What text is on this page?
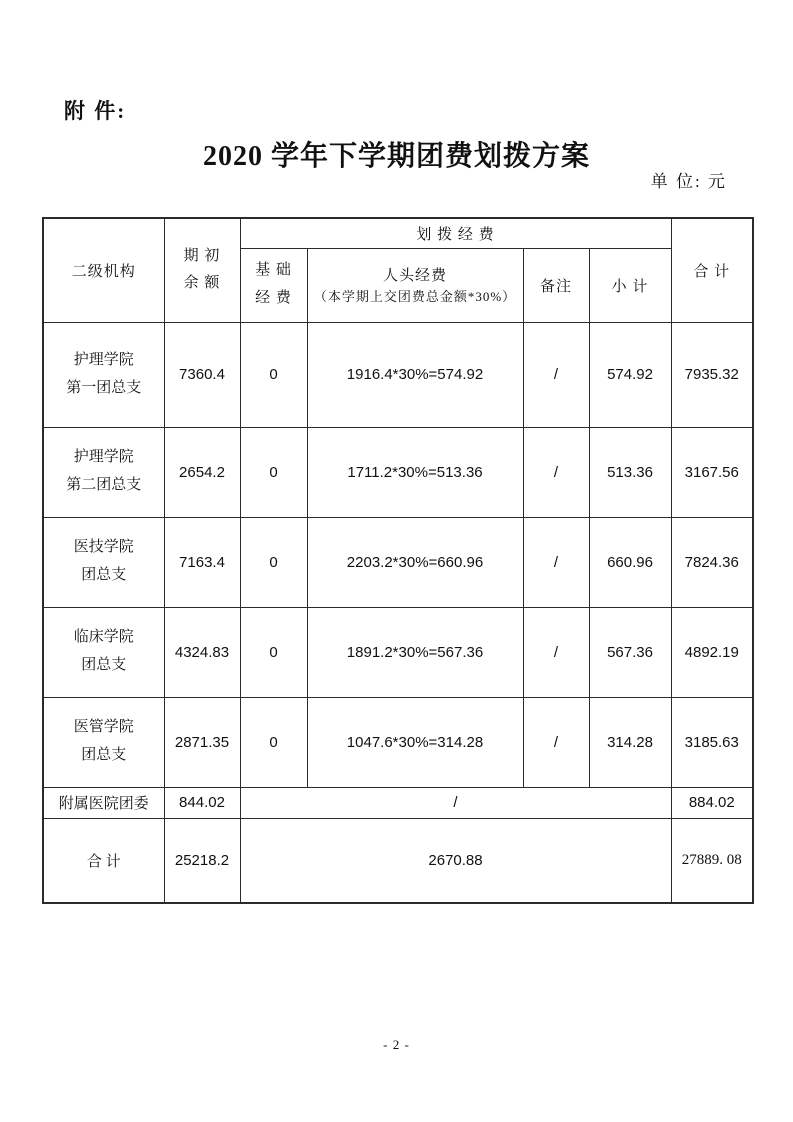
附 件:
2020 学年下学期团费划拨方案
单 位: 元
二级机构	期 初
余 额	划 拨 经 费				合 计

		基 础
经 费	人头经费
（本学期上交团费总金额*30%）	备注	小 计	

护理学院
第一团总支	7360.4	0	1916.4*30%=574.92	/	574.92	7935.32

护理学院
第二团总支	2654.2	0	1711.2*30%=513.36	/	513.36	3167.56

医技学院
团总支	7163.4	0	2203.2*30%=660.96	/	660.96	7824.36

临床学院
团总支	4324.83	0	1891.2*30%=567.36	/	567.36	4892.19

医管学院
团总支	2871.35	0	1047.6*30%=314.28	/	314.28	3185.63
附属医院团委	844.02	/				884.02
合 计	25218.2	2670.88				27889. 08
- 2 -
